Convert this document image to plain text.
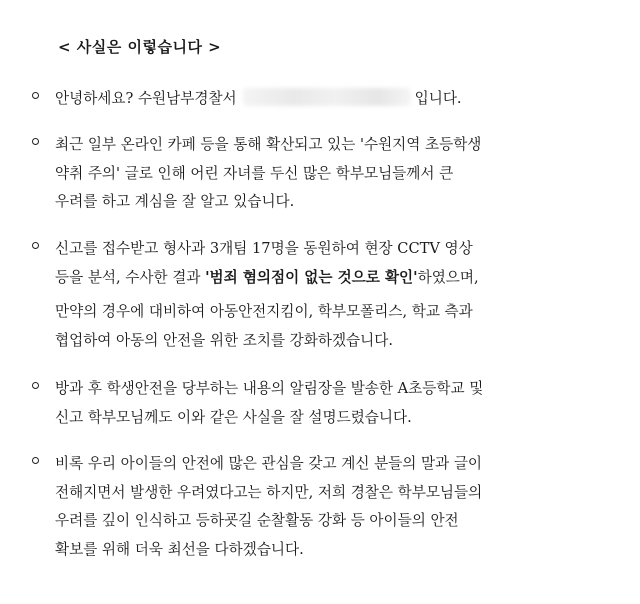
< 사실은 이렇습니다 >
안녕하세요? 수원남부경찰서	입니다.
최근 일부 온라인 카페 등을 통해 확산되고 있는 '수원지역 초등학생
약취 주의' 글로 인해 어린 자녀를 두신 많은 학부모님들께서 큰
우려를 하고 계심을 잘 알고 있습니다.
신고를 접수받고 형사과 3개팀 17명을 동원하여 현장 CCTV 영상
등을 분석, 수사한 결과 '범죄 혐의점이 없는 것으로 확인'하였으며,
만약의 경우에 대비하여 아동안전지킴이, 학부모폴리스, 학교 측과
협업하여 아동의 안전을 위한 조치를 강화하겠습니다.
방과 후 학생안전을 당부하는 내용의 알림장을 발송한 A초등학교 및
신고 학부모님께도 이와 같은 사실을 잘 설명드렸습니다.
비록 우리 아이들의 안전에 많은 관심을 갖고 계신 분들의 말과 글이
전해지면서 발생한 우려였다고는 하지만, 저희 경찰은 학부모님들의
우려를 깊이 인식하고 등하굣길 순찰활동 강화 등 아이들의 안전
확보를 위해 더욱 최선을 다하겠습니다.
